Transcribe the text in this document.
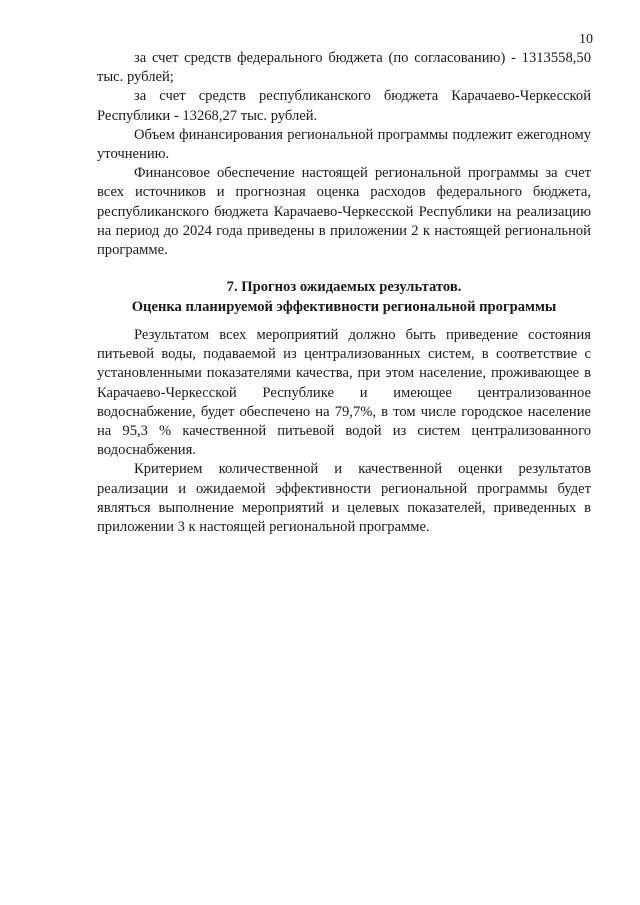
10

за счет средств федерального бюджета (по согласованию) - 1313558,50 тыс. рублей;

за счет средств республиканского бюджета Карачаево-Черкесской Республики - 13268,27 тыс. рублей.

Объем финансирования региональной программы подлежит ежегодному уточнению.

Финансовое обеспечение настоящей региональной программы за счет всех источников и прогнозная оценка расходов федерального бюджета, республиканского бюджета Карачаево-Черкесской Республики на реализацию на период до 2024 года приведены в приложении 2 к настоящей региональной программе.

7. Прогноз ожидаемых результатов.
Оценка планируемой эффективности региональной программы

Результатом всех мероприятий должно быть приведение состояния питьевой воды, подаваемой из централизованных систем, в соответствие с установленными показателями качества, при этом население, проживающее в Карачаево-Черкесской Республике и имеющее централизованное водоснабжение, будет обеспечено на 79,7%, в том числе городское население на 95,3 % качественной питьевой водой из систем централизованного водоснабжения.

Критерием количественной и качественной оценки результатов реализации и ожидаемой эффективности региональной программы будет являться выполнение мероприятий и целевых показателей, приведенных в приложении 3 к настоящей региональной программе.
